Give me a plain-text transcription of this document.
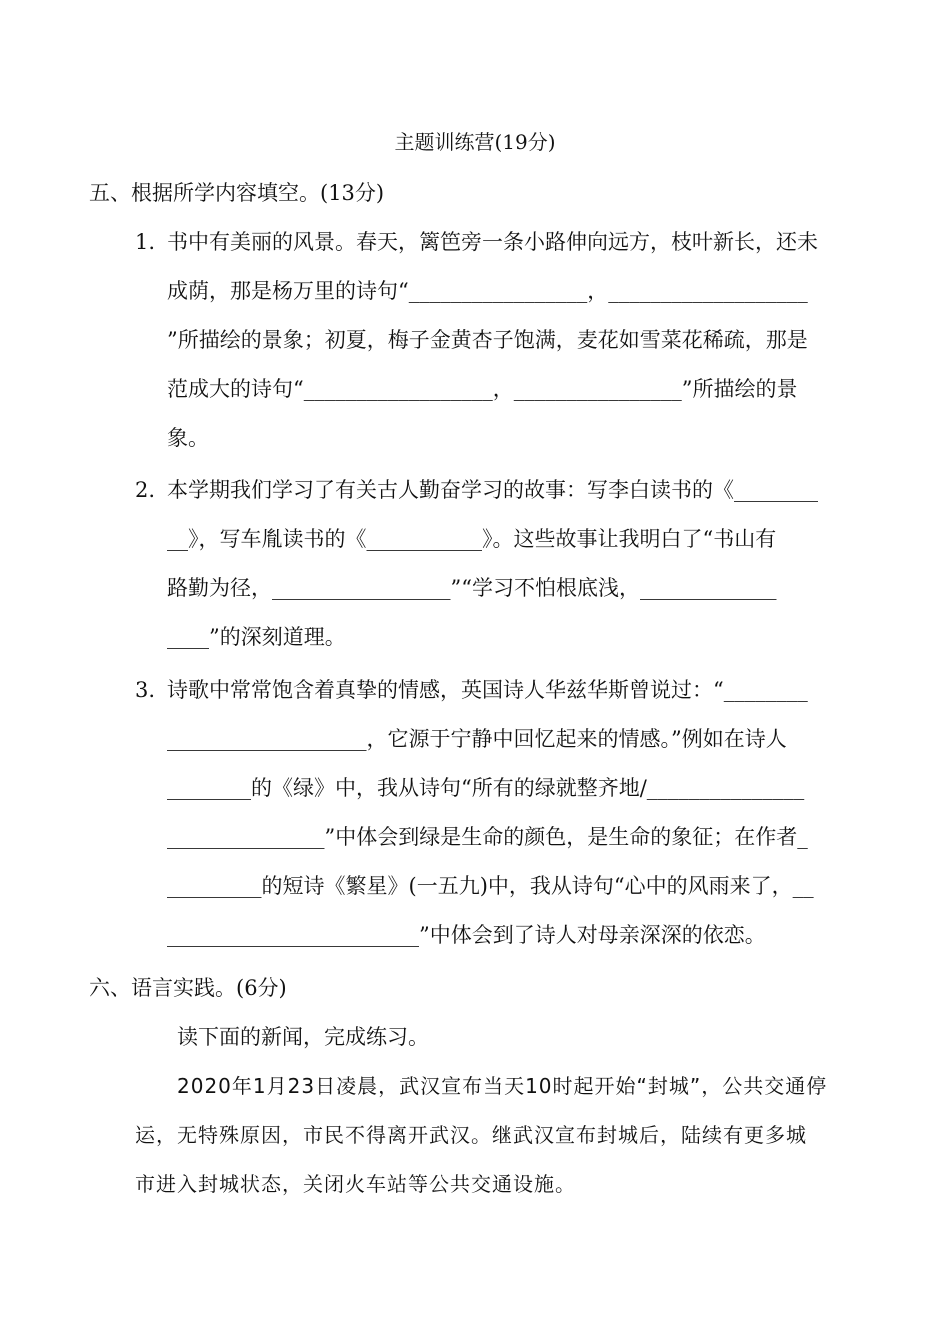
主题训练营(19分)
五、根据所学内容填空。(13分)
1. 书中有美丽的风景。春天，篱笆旁一条小路伸向远方，枝叶新长，还未
成荫，那是杨万里的诗句“_________________，___________________
”所描绘的景象；初夏，梅子金黄杏子饱满，麦花如雪菜花稀疏，那是
范成大的诗句“__________________，________________”所描绘的景
象。
2. 本学期我们学习了有关古人勤奋学习的故事：写李白读书的《________
__》，写车胤读书的《___________》。这些故事让我明白了“书山有
路勤为径，_________________”“学习不怕根底浅，_____________
____”的深刻道理。
3. 诗歌中常常饱含着真挚的情感，英国诗人华兹华斯曾说过：“________
___________________，它源于宁静中回忆起来的情感。”例如在诗人
________的《绿》中，我从诗句“所有的绿就整齐地/_______________
_______________”中体会到绿是生命的颜色，是生命的象征；在作者_
_________的短诗《繁星》(一五九)中，我从诗句“心中的风雨来了，__
________________________”中体会到了诗人对母亲深深的依恋。
六、语言实践。(6分)
读下面的新闻，完成练习。
2020年1月23日凌晨，武汉宣布当天10时起开始“封城”，公共交通停
运，无特殊原因，市民不得离开武汉。继武汉宣布封城后，陆续有更多城
市进入封城状态，关闭火车站等公共交通设施。
